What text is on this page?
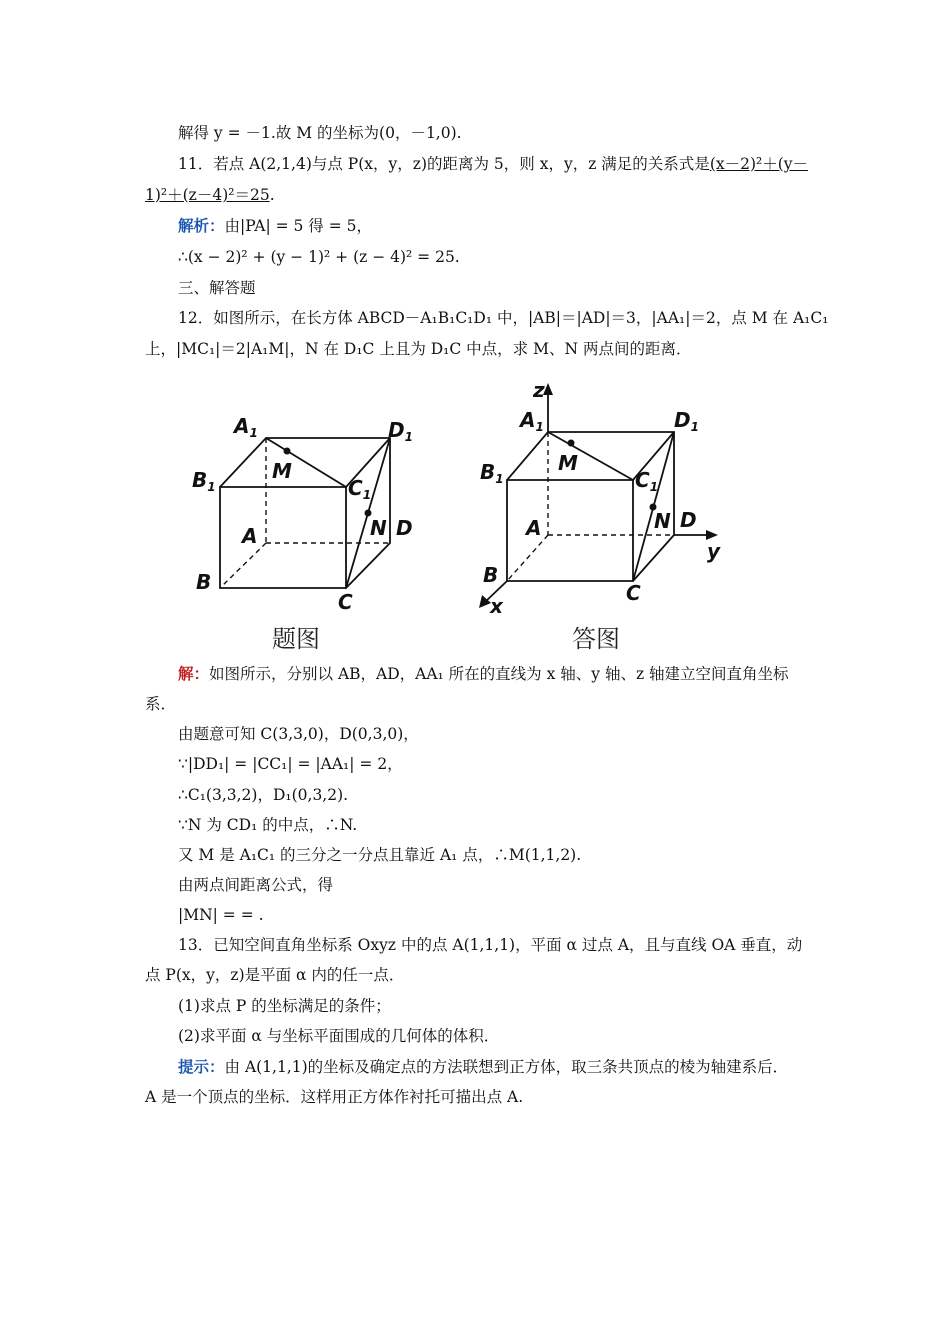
解得 y = －1.故 M 的坐标为(0，－1,0).
11．若点 A(2,1,4)与点 P(x，y，z)的距离为 5，则 x，y，z 满足的关系式是(x－2)²＋(y－
1)²＋(z－4)²＝25.
解析：由|PA| = 5 得 = 5，
∴(x − 2)² + (y − 1)² + (z − 4)² = 25.
三、解答题
12．如图所示，在长方体 ABCD－A₁B₁C₁D₁ 中，|AB|＝|AD|＝3，|AA₁|＝2，点 M 在 A₁C₁
上，|MC₁|＝2|A₁M|，N 在 D₁C 上且为 D₁C 中点，求 M、N 两点间的距离．
$A_1$
$B_1$	$C_1$
$D_1$
A
B
C
D
M
N
题图
z
y
x
$A_1$
$B_1$	$C_1$
$D_1$
A
B
C
D
M
N
答图
解：如图所示，分别以 AB，AD，AA₁ 所在的直线为 x 轴、y 轴、z 轴建立空间直角坐标
系．
由题意可知 C(3,3,0)，D(0,3,0)，
∵|DD₁| = |CC₁| = |AA₁| = 2，
∴C₁(3,3,2)，D₁(0,3,2).
∵N 为 CD₁ 的中点，∴N.
又 M 是 A₁C₁ 的三分之一分点且靠近 A₁ 点，∴M(1,1,2).
由两点间距离公式，得
|MN| = = .
13．已知空间直角坐标系 Oxyz 中的点 A(1,1,1)，平面 α 过点 A，且与直线 OA 垂直，动
点 P(x，y，z)是平面 α 内的任一点．
(1)求点 P 的坐标满足的条件；
(2)求平面 α 与坐标平面围成的几何体的体积．
提示：由 A(1,1,1)的坐标及确定点的方法联想到正方体，取三条共顶点的棱为轴建系后．
A 是一个顶点的坐标．这样用正方体作衬托可描出点 A.
